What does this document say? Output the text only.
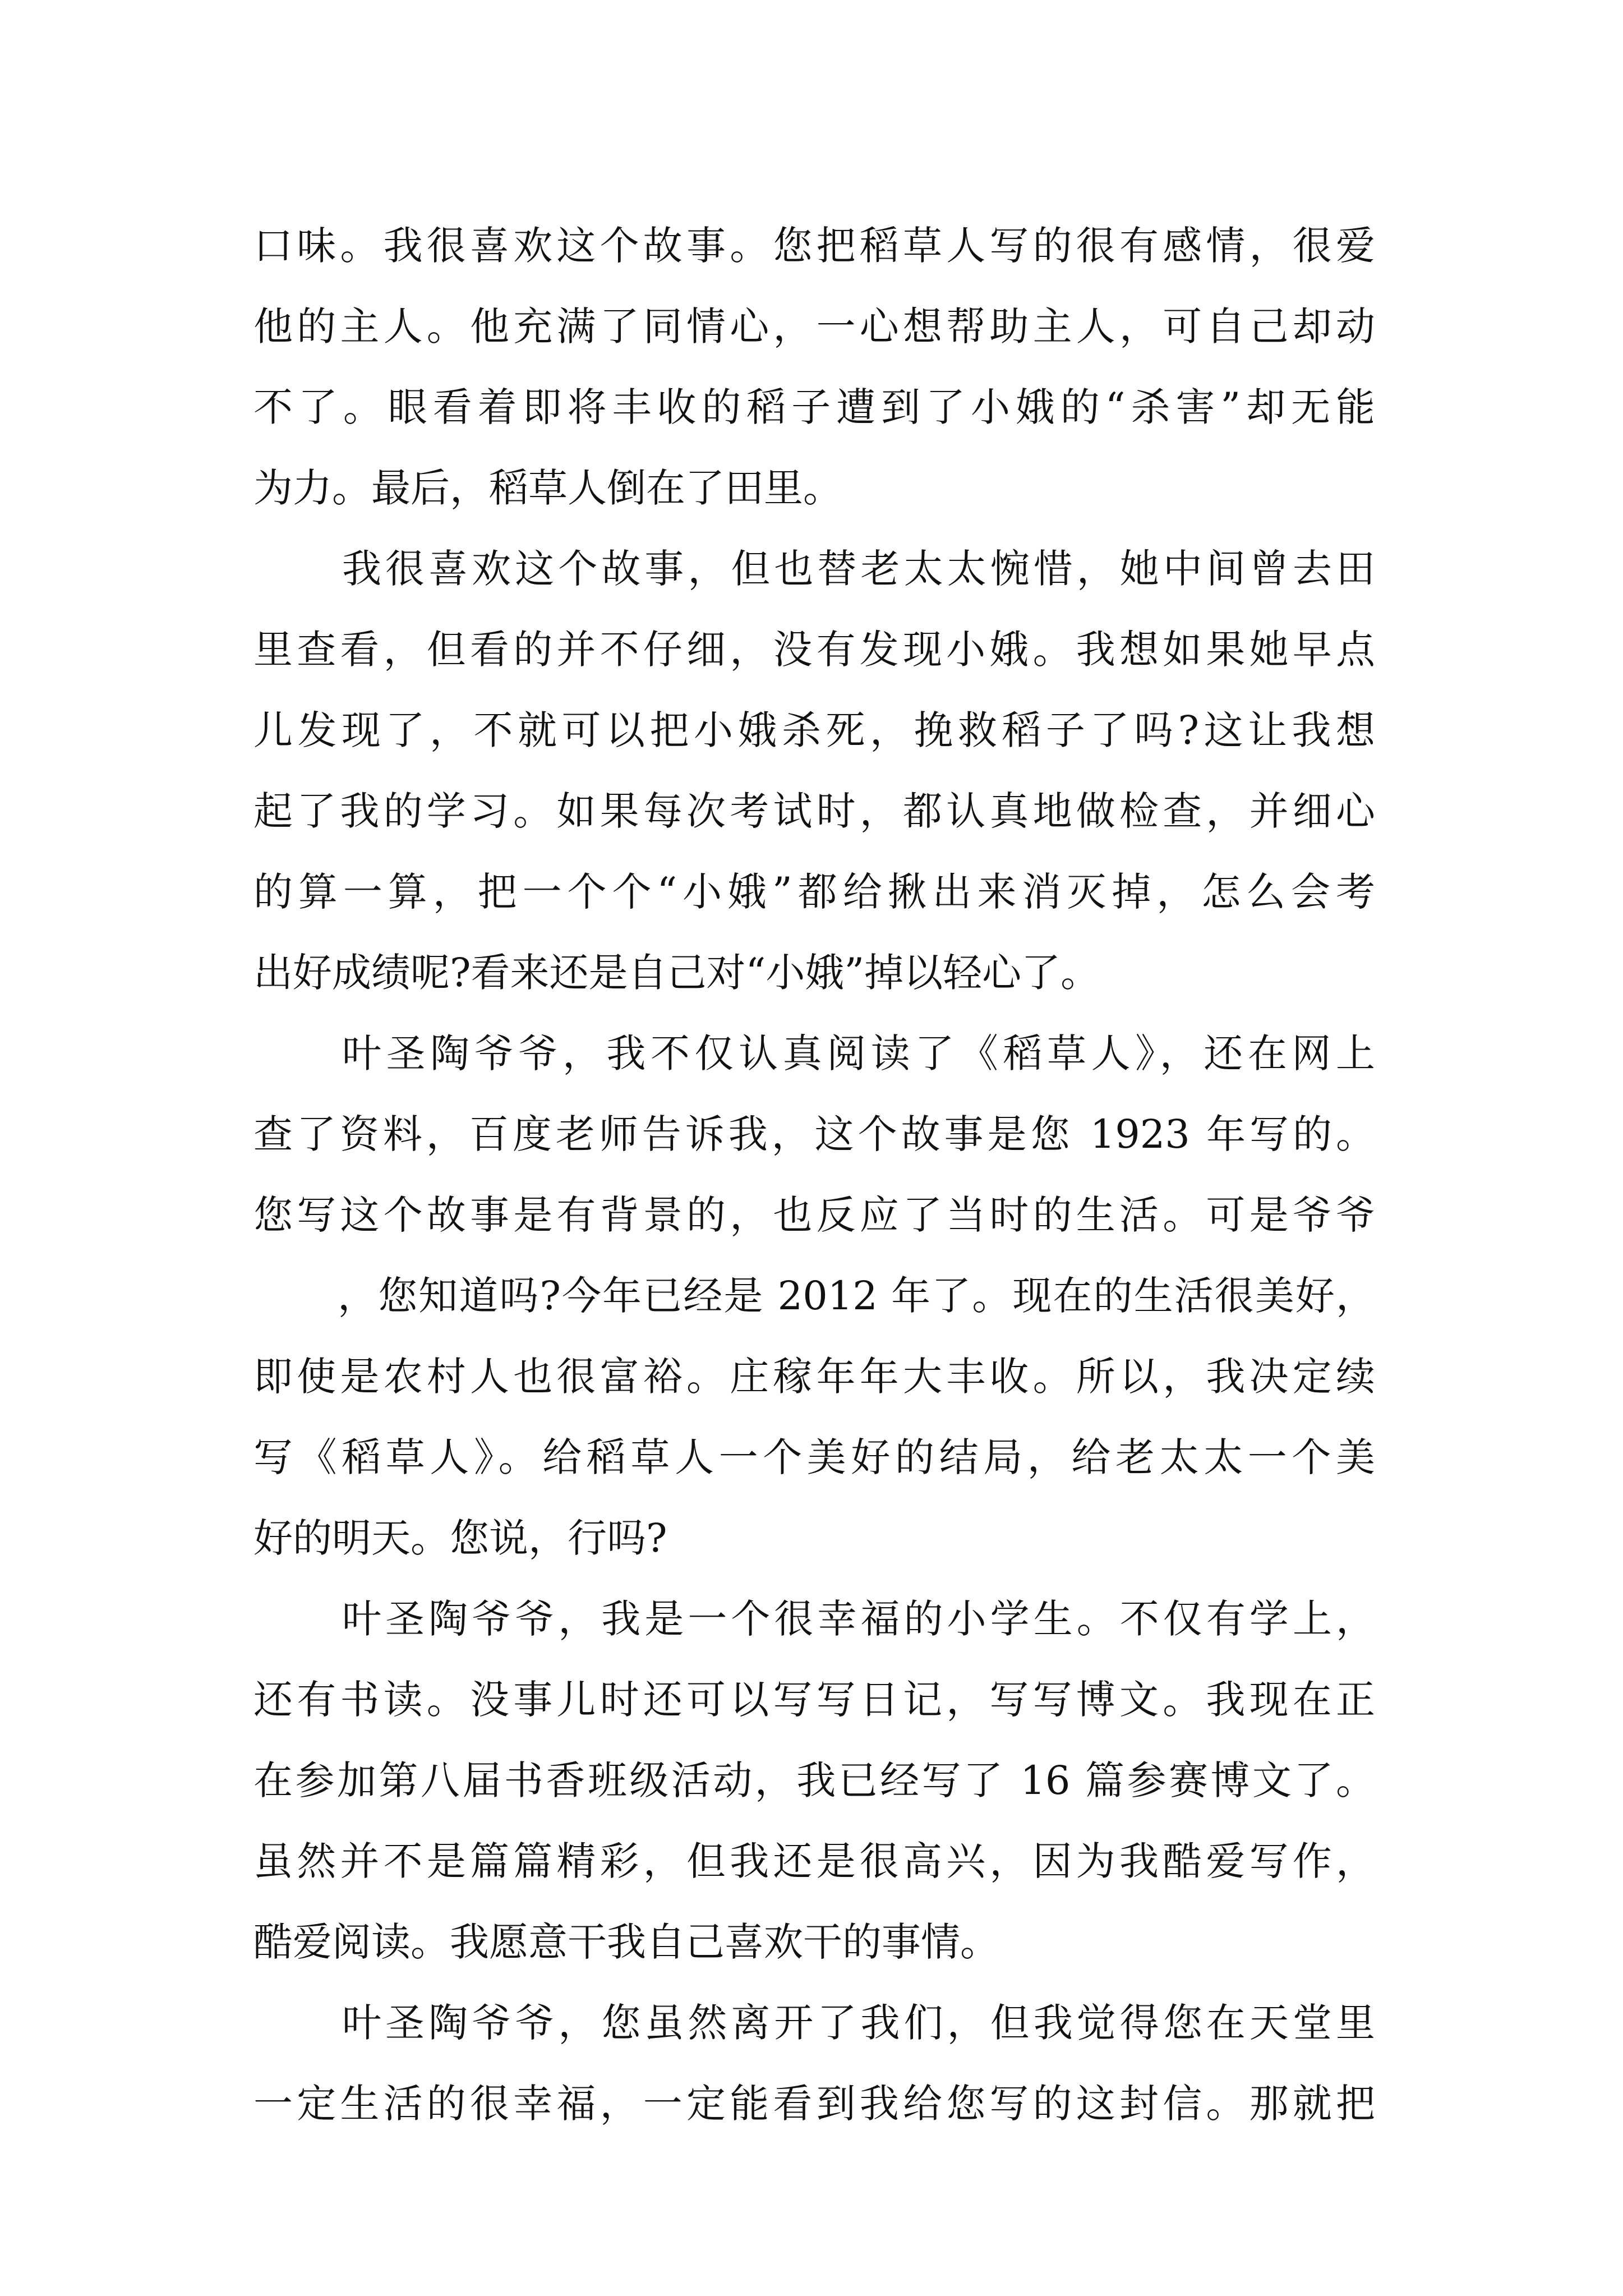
口味。我很喜欢这个故事。您把稻草人写的很有感情，很爱
他的主人。他充满了同情心，一心想帮助主人，可自己却动
不了。眼看着即将丰收的稻子遭到了小娥的“杀害”却无能
为力。最后，稻草人倒在了田里。
我很喜欢这个故事，但也替老太太惋惜，她中间曾去田
里查看，但看的并不仔细，没有发现小娥。我想如果她早点
儿发现了，不就可以把小娥杀死，挽救稻子了吗?这让我想
起了我的学习。如果每次考试时，都认真地做检查，并细心
的算一算，把一个个“小娥”都给揪出来消灭掉，怎么会考
出好成绩呢?看来还是自己对“小娥”掉以轻心了。
叶圣陶爷爷，我不仅认真阅读了《稻草人》，还在网上
查了资料，百度老师告诉我，这个故事是您 1923 年写的。
您写这个故事是有背景的，也反应了当时的生活。可是爷爷
，您知道吗?今年已经是 2012 年了。现在的生活很美好，
即使是农村人也很富裕。庄稼年年大丰收。所以，我决定续
写《稻草人》。给稻草人一个美好的结局，给老太太一个美
好的明天。您说，行吗?
叶圣陶爷爷，我是一个很幸福的小学生。不仅有学上，
还有书读。没事儿时还可以写写日记，写写博文。我现在正
在参加第八届书香班级活动，我已经写了 16 篇参赛博文了。
虽然并不是篇篇精彩，但我还是很高兴，因为我酷爱写作，
酷爱阅读。我愿意干我自己喜欢干的事情。
叶圣陶爷爷，您虽然离开了我们，但我觉得您在天堂里
一定生活的很幸福，一定能看到我给您写的这封信。那就把
